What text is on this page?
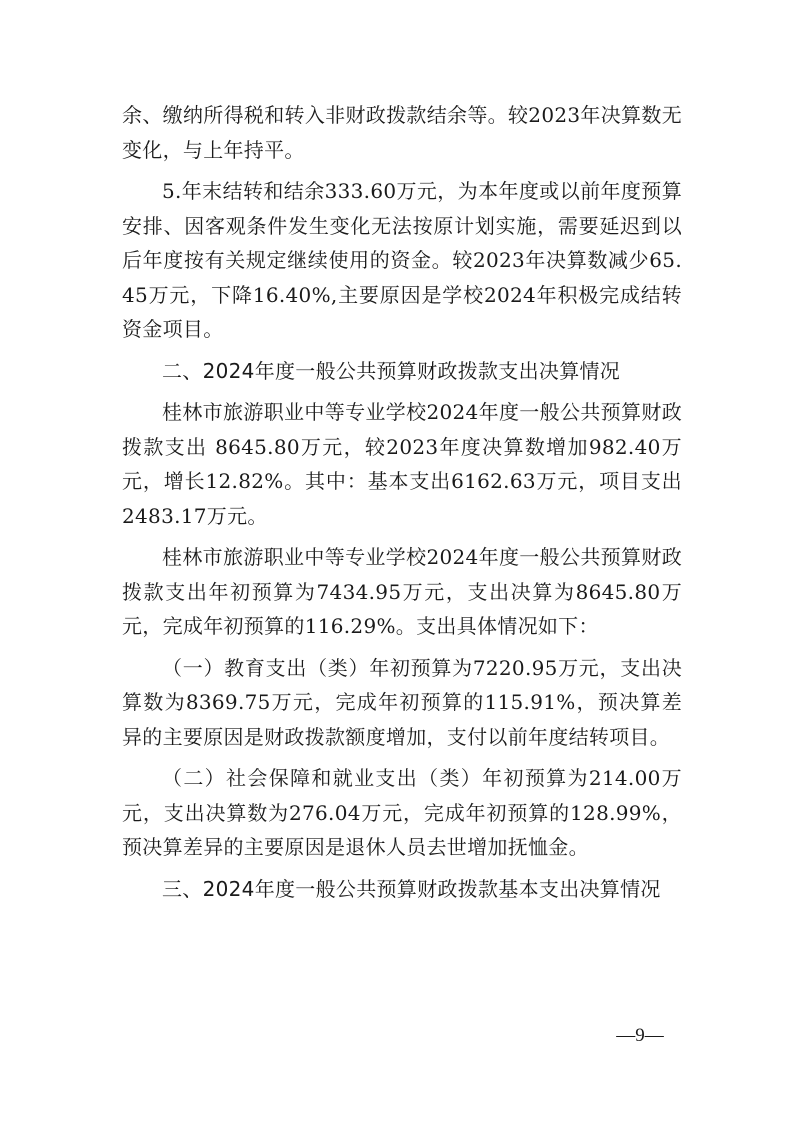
余、缴纳所得税和转入非财政拨款结余等。较2023年决算数无变化，与上年持平。

5.年末结转和结余333.60万元，为本年度或以前年度预算安排、因客观条件发生变化无法按原计划实施，需要延迟到以后年度按有关规定继续使用的资金。较2023年决算数减少65.45万元，下降16.40%,主要原因是学校2024年积极完成结转资金项目。

二、2024年度一般公共预算财政拨款支出决算情况

桂林市旅游职业中等专业学校2024年度一般公共预算财政拨款支出 8645.80万元，较2023年度决算数增加982.40万元，增长12.82%。其中：基本支出6162.63万元，项目支出2483.17万元。

桂林市旅游职业中等专业学校2024年度一般公共预算财政拨款支出年初预算为7434.95万元，支出决算为8645.80万元，完成年初预算的116.29%。支出具体情况如下：

（一）教育支出（类）年初预算为7220.95万元，支出决算数为8369.75万元，完成年初预算的115.91%，预决算差异的主要原因是财政拨款额度增加，支付以前年度结转项目。

（二）社会保障和就业支出（类）年初预算为214.00万元，支出决算数为276.04万元，完成年初预算的128.99%，预决算差异的主要原因是退休人员去世增加抚恤金。

三、2024年度一般公共预算财政拨款基本支出决算情况

—9—
